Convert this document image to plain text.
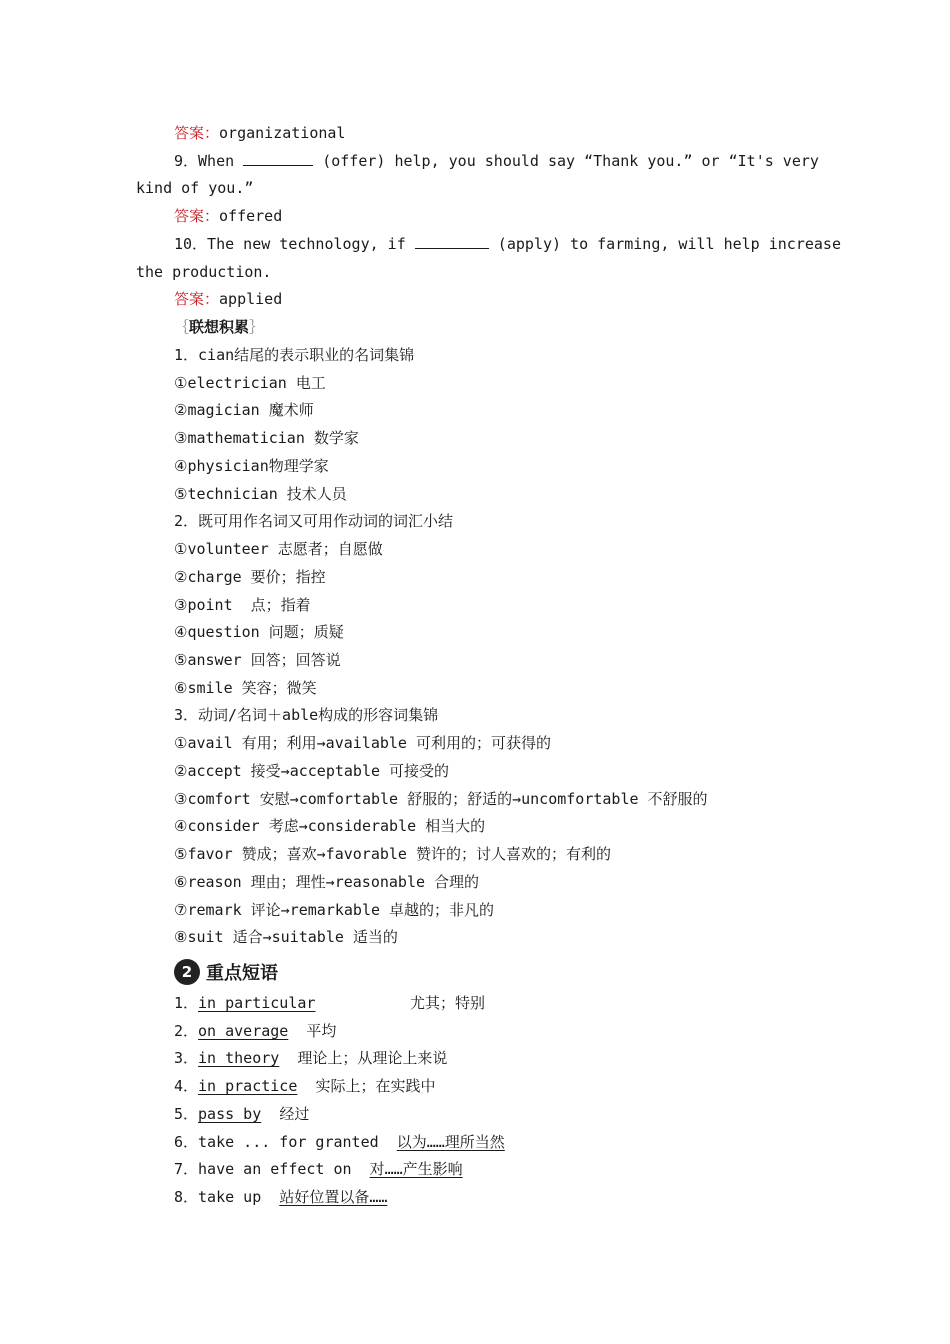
答案：organizational
9．When	(offer) help, you should say “Thank you.” or “It's very
kind of you.”
答案：offered
10．The new technology, if	(apply) to farming, will help increase
the production.
答案：applied
｛联想积累｝
1．cian结尾的表示职业的名词集锦
①electrician 电工
②magician 魔术师
③mathematician 数学家
④physician物理学家
⑤technician 技术人员
2．既可用作名词又可用作动词的词汇小结
①volunteer 志愿者；自愿做
②charge 要价；指控
③point  点；指着
④question 问题；质疑
⑤answer 回答；回答说
⑥smile 笑容；微笑
3．动词/名词＋able构成的形容词集锦
①avail 有用；利用→available 可利用的；可获得的
②accept 接受→acceptable 可接受的
③comfort 安慰→comfortable 舒服的；舒适的→uncomfortable 不舒服的
④consider 考虑→considerable 相当大的
⑤favor 赞成；喜欢→favorable 赞许的；讨人喜欢的；有利的
⑥reason 理由；理性→reasonable 合理的
⑦remark 评论→remarkable 卓越的；非凡的
⑧suit 适合→suitable 适当的
2 重点短语
1．in particular	尤其；特别
2．on average 平均
3．in theory 理论上；从理论上来说
4．in practice 实际上；在实践中
5．pass by 经过
6．take ... for granted 以为……理所当然
7．have an effect on 对……产生影响
8．take up 站好位置以备……
